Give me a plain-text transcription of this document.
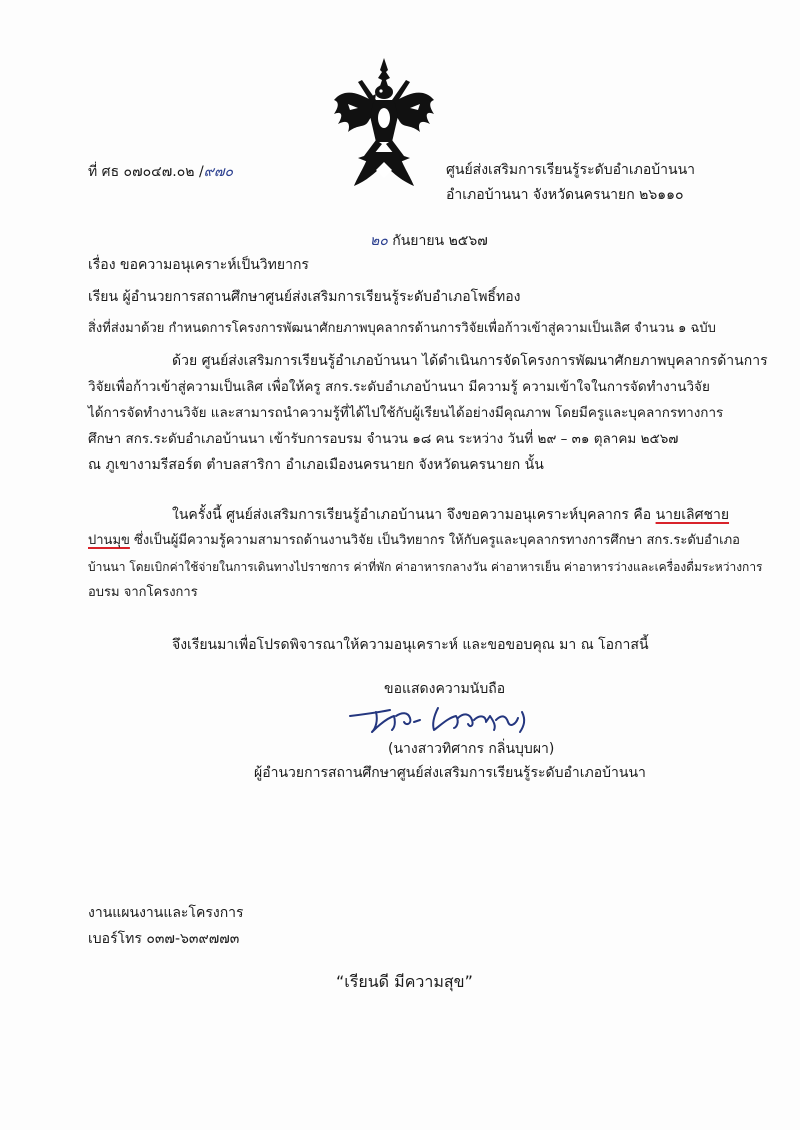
ที่ ศธ ๐๗๐๔๗.๐๒ /๙๗๐	ศูนย์ส่งเสริมการเรียนรู้ระดับอำเภอบ้านนา
อำเภอบ้านนา จังหวัดนครนายก ๒๖๑๑๐
๒๐ กันยายน ๒๕๖๗
เรื่อง ขอความอนุเคราะห์เป็นวิทยากร
เรียน ผู้อำนวยการสถานศึกษาศูนย์ส่งเสริมการเรียนรู้ระดับอำเภอโพธิ์ทอง
สิ่งที่ส่งมาด้วย กำหนดการโครงการพัฒนาศักยภาพบุคลากรด้านการวิจัยเพื่อก้าวเข้าสู่ความเป็นเลิศ จำนวน ๑ ฉบับ
ด้วย ศูนย์ส่งเสริมการเรียนรู้อำเภอบ้านนา ได้ดำเนินการจัดโครงการพัฒนาศักยภาพบุคลากรด้านการ
วิจัยเพื่อก้าวเข้าสู่ความเป็นเลิศ เพื่อให้ครู สกร.ระดับอำเภอบ้านนา มีความรู้ ความเข้าใจในการจัดทำงานวิจัย
ได้การจัดทำงานวิจัย และสามารถนำความรู้ที่ได้ไปใช้กับผู้เรียนได้อย่างมีคุณภาพ โดยมีครูและบุคลากรทางการ
ศึกษา สกร.ระดับอำเภอบ้านนา เข้ารับการอบรม จำนวน ๑๘ คน ระหว่าง วันที่ ๒๙ – ๓๑ ตุลาคม ๒๕๖๗
ณ ภูเขางามรีสอร์ต ตำบลสาริกา อำเภอเมืองนครนายก จังหวัดนครนายก นั้น
ในครั้งนี้ ศูนย์ส่งเสริมการเรียนรู้อำเภอบ้านนา จึงขอความอนุเคราะห์บุคลากร คือ นายเลิศชาย
ปานมุข ซึ่งเป็นผู้มีความรู้ความสามารถด้านงานวิจัย เป็นวิทยากร ให้กับครูและบุคลากรทางการศึกษา สกร.ระดับอำเภอ
บ้านนา โดยเบิกค่าใช้จ่ายในการเดินทางไปราชการ ค่าที่พัก ค่าอาหารกลางวัน ค่าอาหารเย็น ค่าอาหารว่างและเครื่องดื่มระหว่างการ
อบรม จากโครงการ
จึงเรียนมาเพื่อโปรดพิจารณาให้ความอนุเคราะห์ และขอขอบคุณ มา ณ โอกาสนี้
ขอแสดงความนับถือ
(นางสาวทิศากร กลิ่นบุบผา)
ผู้อำนวยการสถานศึกษาศูนย์ส่งเสริมการเรียนรู้ระดับอำเภอบ้านนา
งานแผนงานและโครงการ
เบอร์โทร ๐๓๗-๖๓๙๗๗๓
“เรียนดี มีความสุข”
